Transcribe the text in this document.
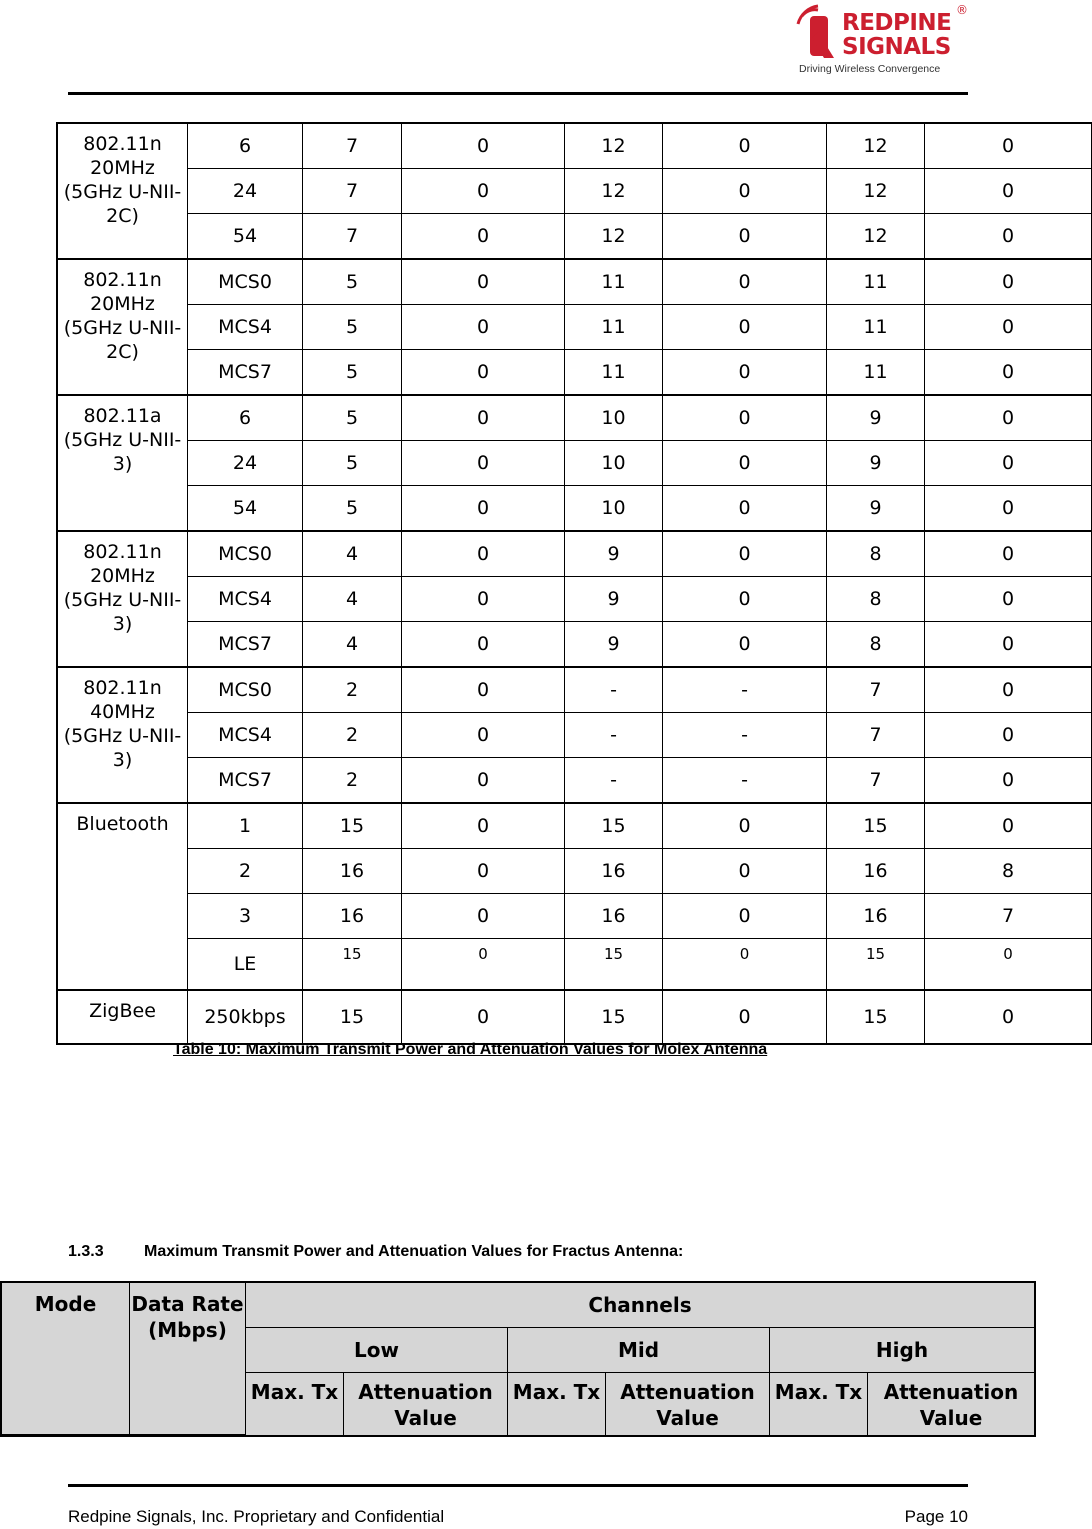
REDPINE
SIGNALS
Driving Wireless Convergence
®
802.11n 20MHz (5GHz U-NII-2C)	6	7	0	12	0	12	0
	24	7	0	12	0	12	0
	54	7	0	12	0	12	0
802.11n 20MHz (5GHz U-NII-2C)	MCS0	5	0	11	0	11	0
	MCS4	5	0	11	0	11	0
	MCS7	5	0	11	0	11	0
802.11a (5GHz U-NII-3)	6	5	0	10	0	9	0
	24	5	0	10	0	9	0
	54	5	0	10	0	9	0
802.11n 20MHz (5GHz U-NII-3)	MCS0	4	0	9	0	8	0
	MCS4	4	0	9	0	8	0
	MCS7	4	0	9	0	8	0
802.11n 40MHz (5GHz U-NII-3)	MCS0	2	0	-	-	7	0
	MCS4	2	0	-	-	7	0
	MCS7	2	0	-	-	7	0
Bluetooth	1	15	0	15	0	15	0
	2	16	0	16	0	16	8
	3	16	0	16	0	16	7
	LE	15	0	15	0	15	0
ZigBee	250kbps	15	0	15	0	15	0
Table 10: Maximum Transmit Power and Attenuation Values for Molex Antenna
1.3.3	Maximum Transmit Power and Attenuation Values for Fractus Antenna:
Mode	Data Rate (Mbps)	Channels					
		Low		Mid		High	
		Max. Tx	Attenuation Value	Max. Tx	Attenuation Value	Max. Tx	Attenuation Value
Redpine Signals, Inc. Proprietary and Confidential	Page 10
